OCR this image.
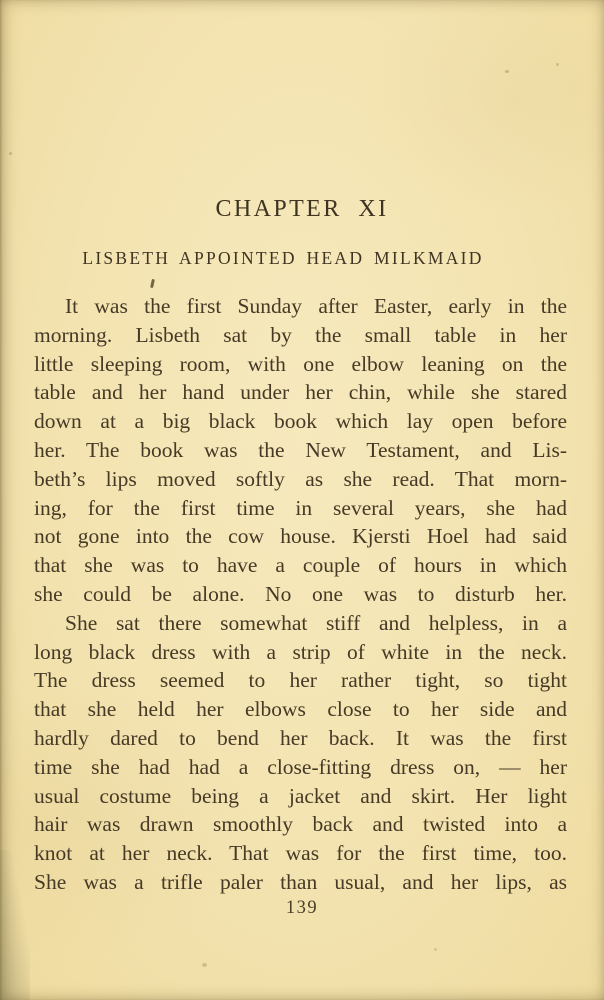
CHAPTER XI
LISBETH APPOINTED HEAD MILKMAID
It was the first Sunday after Easter, early in the
morning. Lisbeth sat by the small table in her
little sleeping room, with one elbow leaning on the
table and her hand under her chin, while she stared
down at a big black book which lay open before
her. The book was the New Testament, and Lis-
beth’s lips moved softly as she read. That morn-
ing, for the first time in several years, she had
not gone into the cow house. Kjersti Hoel had said
that she was to have a couple of hours in which
she could be alone. No one was to disturb her.
She sat there somewhat stiff and helpless, in a
long black dress with a strip of white in the neck.
The dress seemed to her rather tight, so tight
that she held her elbows close to her side and
hardly dared to bend her back. It was the first
time she had had a close-fitting dress on, — her
usual costume being a jacket and skirt. Her light
hair was drawn smoothly back and twisted into a
knot at her neck. That was for the first time, too.
She was a trifle paler than usual, and her lips, as
139
